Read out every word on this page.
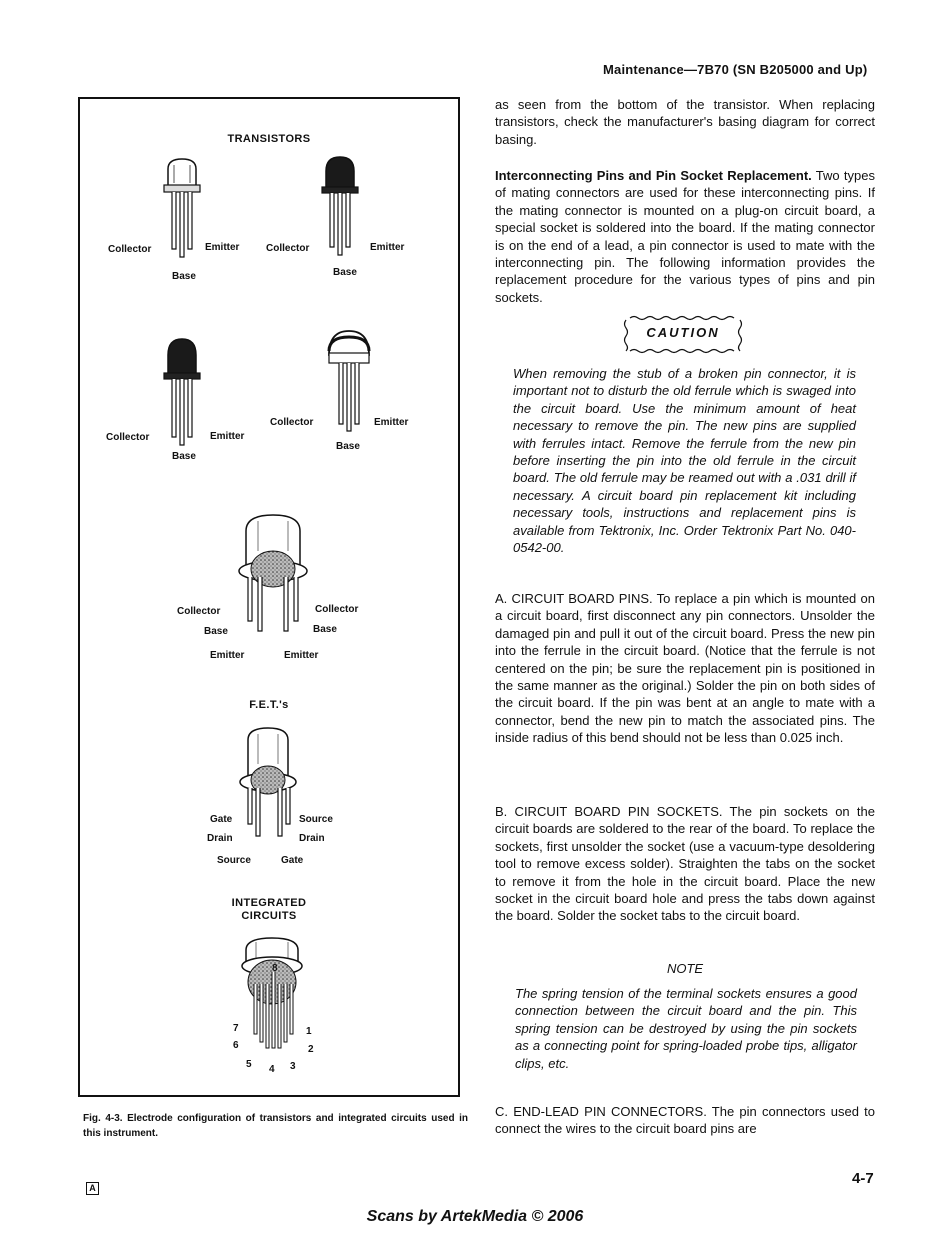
Maintenance—7B70 (SN B205000 and Up)
TRANSISTORS
Collector	Emitter
Base
Collector	Emitter
Base
Collector	Emitter
Base
Collector	Emitter
Base
Collector
Base
Emitter
Collector
Base
Emitter
F.E.T.'s
Gate
Drain
Source
Source
Drain
Gate
INTEGRATED
CIRCUITS
8
7
6
5 4 3
2
1
Fig. 4-3. Electrode configuration of transistors and integrated circuits used in this instrument.
as seen from the bottom of the transistor. When replacing transistors, check the manufacturer's basing diagram for correct basing.
Interconnecting Pins and Pin Socket Replacement. Two types of mating connectors are used for these interconnecting pins. If the mating connector is mounted on a plug-on circuit board, a special socket is soldered into the board. If the mating connector is on the end of a lead, a pin connector is used to mate with the interconnecting pin. The following information provides the replacement procedure for the various types of pins and pin sockets.
CAUTION
When removing the stub of a broken pin connector, it is important not to disturb the old ferrule which is swaged into the circuit board. Use the minimum amount of heat necessary to remove the pin. The new pins are supplied with ferrules intact. Remove the ferrule from the new pin before inserting the pin into the old ferrule in the circuit board. The old ferrule may be reamed out with a .031 drill if necessary. A circuit board pin replacement kit including necessary tools, instructions and replacement pins is available from Tektronix, Inc. Order Tektronix Part No. 040-0542-00.
A. CIRCUIT BOARD PINS. To replace a pin which is mounted on a circuit board, first disconnect any pin connectors. Unsolder the damaged pin and pull it out of the circuit board. Press the new pin into the ferrule in the circuit board. (Notice that the ferrule is not centered on the pin; be sure the replacement pin is positioned in the same manner as the original.) Solder the pin on both sides of the circuit board. If the pin was bent at an angle to mate with a connector, bend the new pin to match the associated pins. The inside radius of this bend should not be less than 0.025 inch.
B. CIRCUIT BOARD PIN SOCKETS. The pin sockets on the circuit boards are soldered to the rear of the board. To replace the sockets, first unsolder the socket (use a vacuum-type desoldering tool to remove excess solder). Straighten the tabs on the socket to remove it from the hole in the circuit board. Place the new socket in the circuit board hole and press the tabs down against the board. Solder the socket tabs to the circuit board.
NOTE
The spring tension of the terminal sockets ensures a good connection between the circuit board and the pin. This spring tension can be destroyed by using the pin sockets as a connecting point for spring-loaded probe tips, alligator clips, etc.
C. END-LEAD PIN CONNECTORS. The pin connectors used to connect the wires to the circuit board pins are
4-7
A
Scans by ArtekMedia © 2006
